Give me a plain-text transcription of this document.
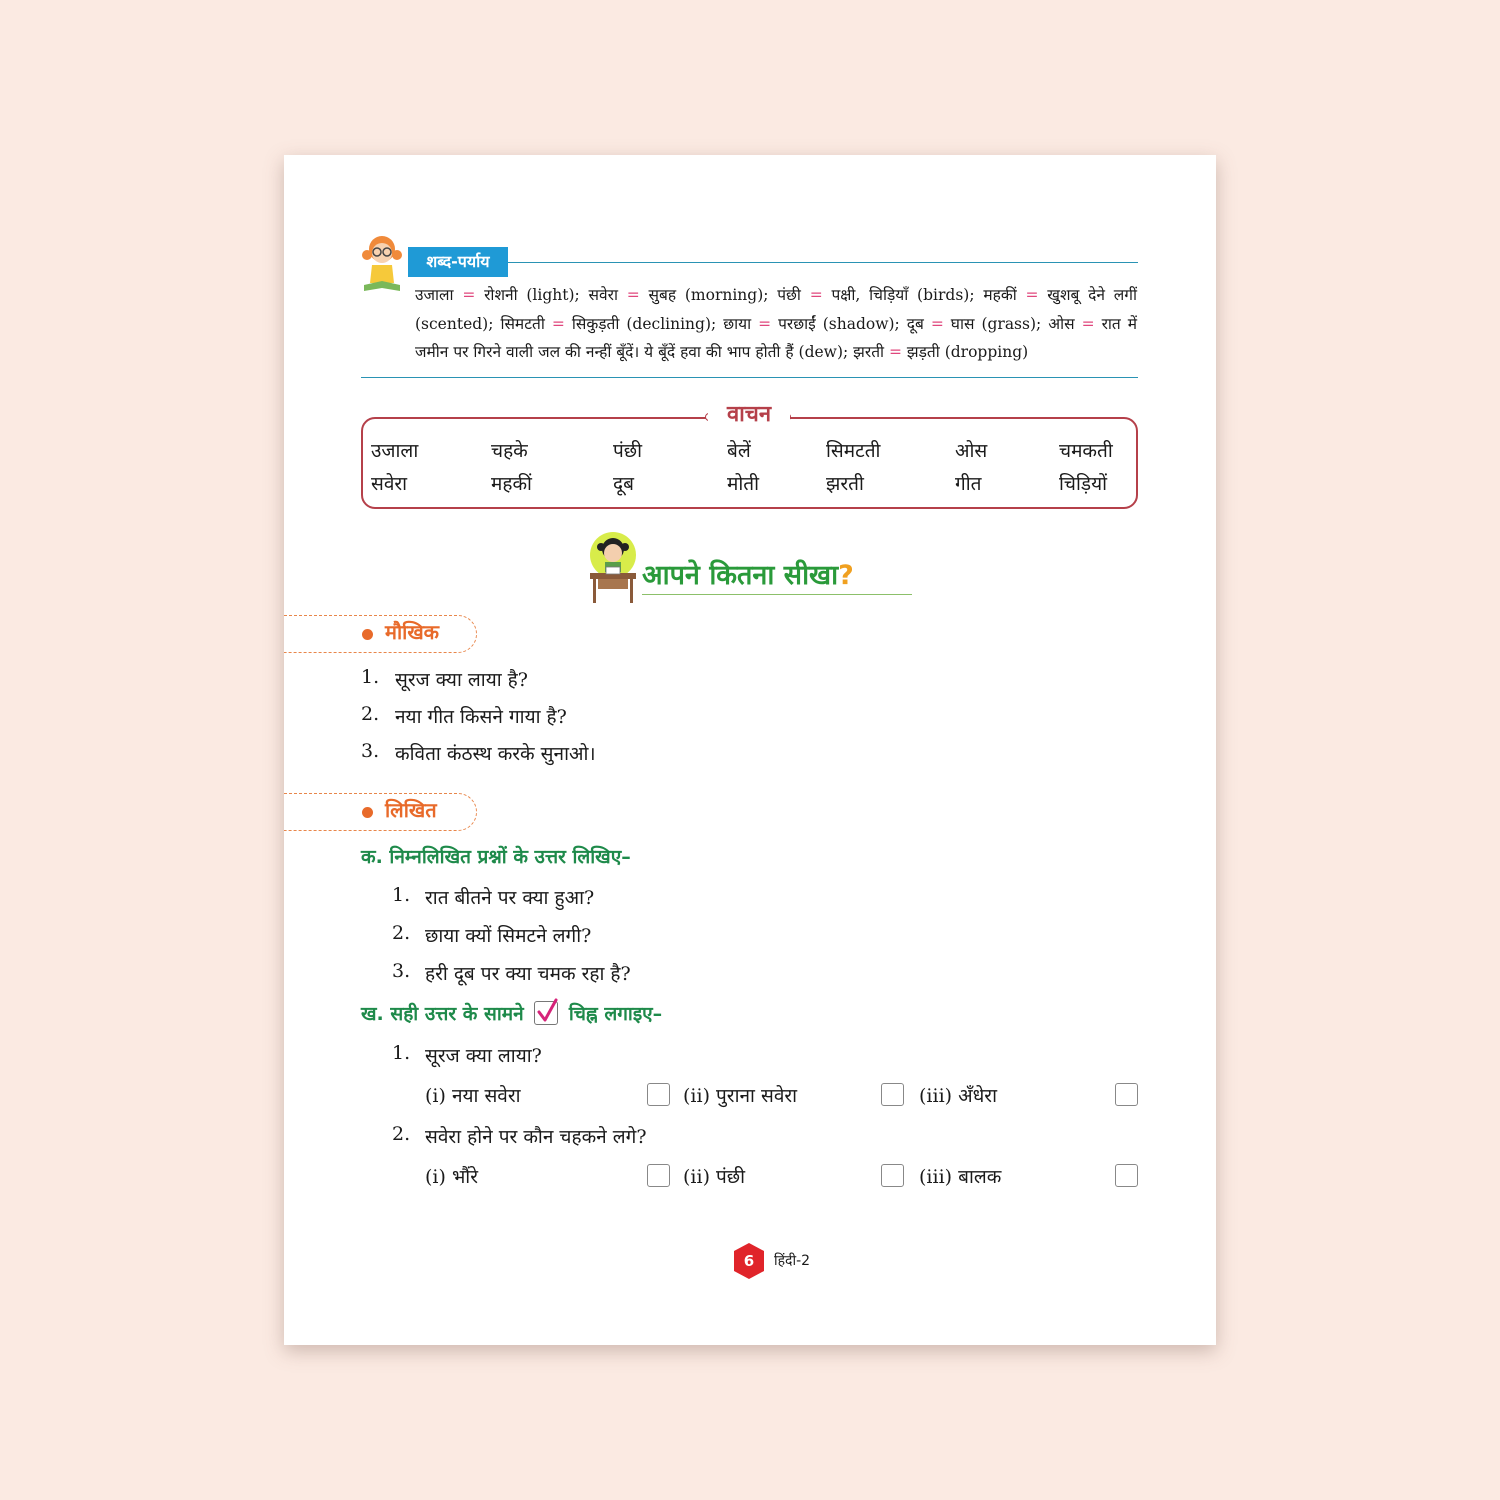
शब्द-पर्याय
उजाला = रोशनी (light); सवेरा = सुबह (morning); पंछी = पक्षी, चिड़ियाँ (birds); महकीं = खुशबू देने लगीं (scented); सिमटती = सिकुड़ती (declining); छाया = परछाईं (shadow); दूब = घास (grass); ओस = रात में जमीन पर गिरने वाली जल की नन्हीं बूँदें। ये बूँदें हवा की भाप होती हैं (dew); झरती = झड़ती (dropping)
वाचन
उजाला	चहके	पंछी	बेलें	सिमटती	ओस	चमकती
सवेरा	महकीं	दूब	मोती	झरती	गीत	चिड़ियों
आपने कितना सीखा?
मौखिक
1. सूरज क्या लाया है?
2. नया गीत किसने गाया है?
3. कविता कंठस्थ करके सुनाओ।
लिखित
क. निम्नलिखित प्रश्नों के उत्तर लिखिए–
1. रात बीतने पर क्या हुआ?
2. छाया क्यों सिमटने लगी?
3. हरी दूब पर क्या चमक रहा है?
ख. सही उत्तर के सामने चिह्न लगाइए–
1. सूरज क्या लाया?
(i) नया सवेरा	(ii) पुराना सवेरा	(iii) अँधेरा
2. सवेरा होने पर कौन चहकने लगे?
(i) भौंरे	(ii) पंछी	(iii) बालक
6	हिंदी-2
